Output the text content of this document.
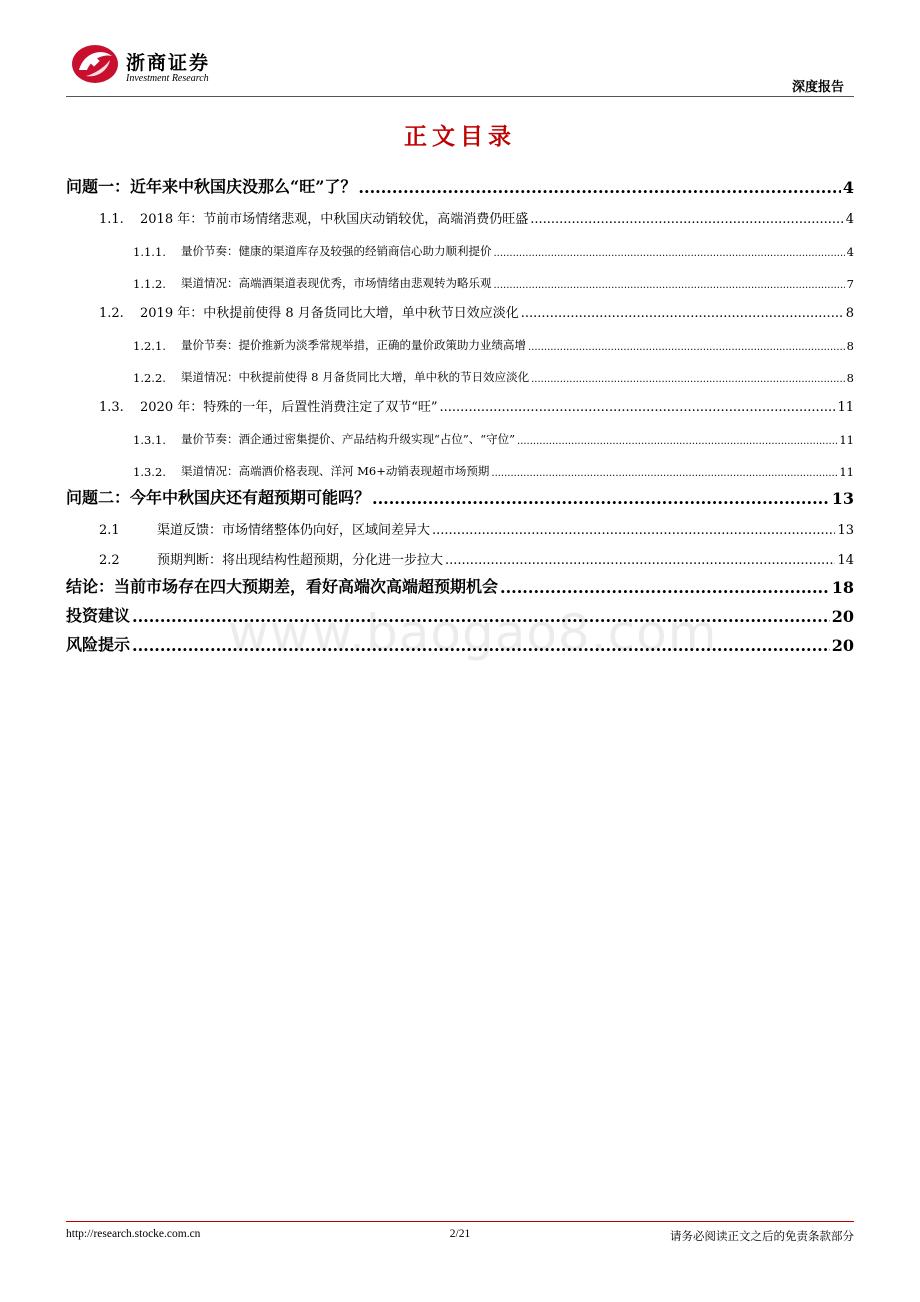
浙商证券
Investment Research
深度报告
正文目录
问题一：近年来中秋国庆没那么“旺”了？ .....	4
1.1.	2018 年：节前市场情绪悲观，中秋国庆动销较优，高端消费仍旺盛 .....	4
1.1.1.	量价节奏：健康的渠道库存及较强的经销商信心助力顺利提价 .....	4
1.1.2.	渠道情况：高端酒渠道表现优秀，市场情绪由悲观转为略乐观 .....	7
1.2.	2019 年：中秋提前使得 8 月备货同比大增，单中秋节日效应淡化 .....	8
1.2.1.	量价节奏：提价推新为淡季常规举措，正确的量价政策助力业绩高增 .....	8
1.2.2.	渠道情况：中秋提前使得 8 月备货同比大增，单中秋的节日效应淡化 .....	8
1.3.	2020 年：特殊的一年，后置性消费注定了双节“旺” .....	11
1.3.1.	量价节奏：酒企通过密集提价、产品结构升级实现“占位”、“守位” .....	11
1.3.2.	渠道情况：高端酒价格表现、洋河 M6+动销表现超市场预期 .....	11
问题二：今年中秋国庆还有超预期可能吗？ .....	13
2.1	渠道反馈：市场情绪整体仍向好，区域间差异大 .....	13
2.2	预期判断：将出现结构性超预期，分化进一步拉大 .....	14
结论：当前市场存在四大预期差，看好高端次高端超预期机会 .....	18
投资建议 .....	20
风险提示 .....	20
www.baogao8.com
http://research.stocke.com.cn	2/21	请务必阅读正文之后的免责条款部分
